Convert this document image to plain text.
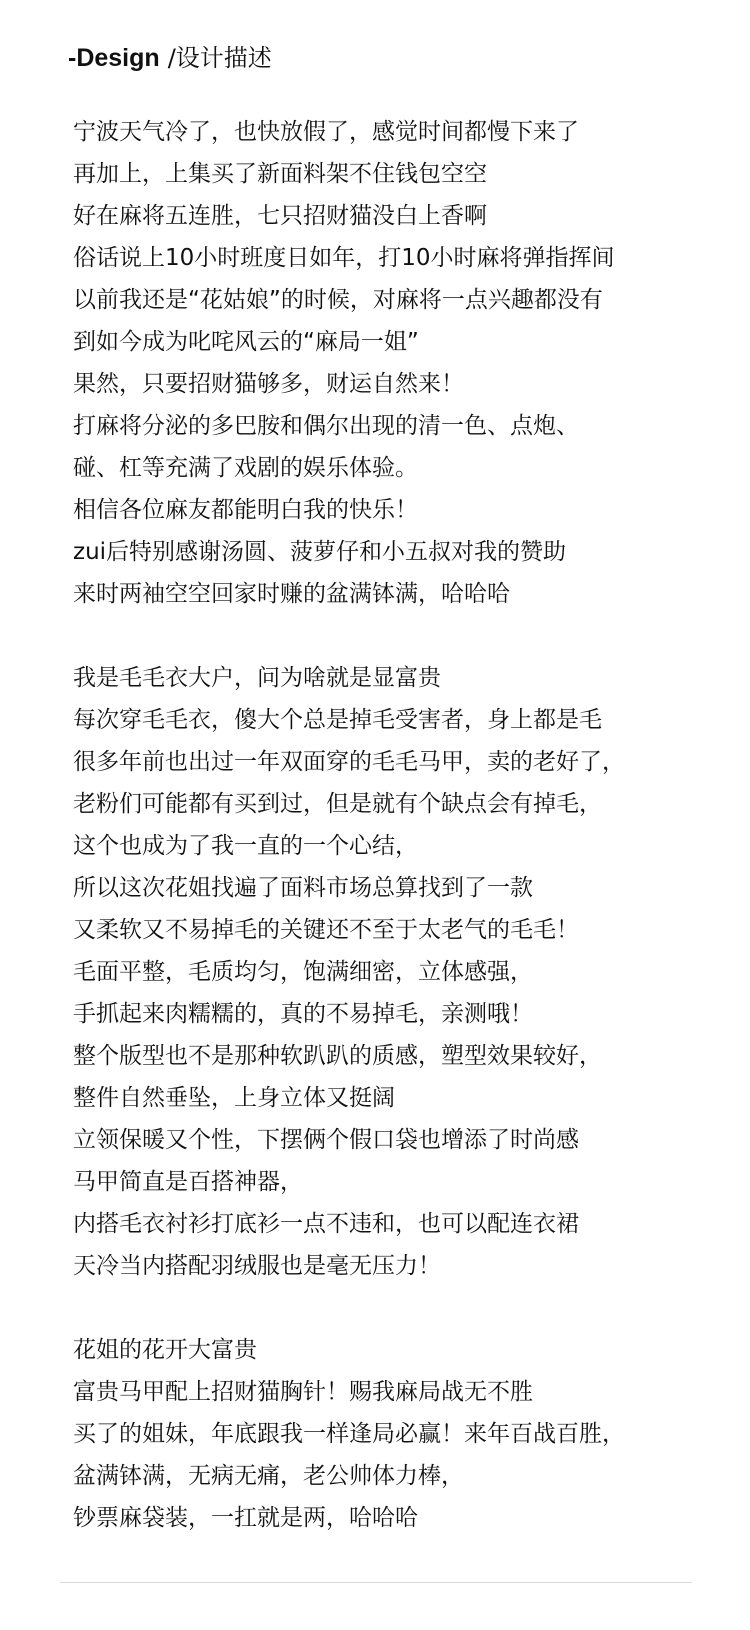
-Design /设计描述
宁波天气冷了，也快放假了，感觉时间都慢下来了
再加上，上集买了新面料架不住钱包空空
好在麻将五连胜，七只招财猫没白上香啊
俗话说上10小时班度日如年，打10小时麻将弹指挥间
以前我还是“花姑娘”的时候，对麻将一点兴趣都没有
到如今成为叱咤风云的“麻局一姐”
果然，只要招财猫够多，财运自然来！
打麻将分泌的多巴胺和偶尔出现的清一色、点炮、
碰、杠等充满了戏剧的娱乐体验。
相信各位麻友都能明白我的快乐！
zui后特别感谢汤圆、菠萝仔和小五叔对我的赞助
来时两袖空空回家时赚的盆满钵满，哈哈哈
我是毛毛衣大户，问为啥就是显富贵
每次穿毛毛衣，傻大个总是掉毛受害者，身上都是毛
很多年前也出过一年双面穿的毛毛马甲，卖的老好了，
老粉们可能都有买到过，但是就有个缺点会有掉毛，
这个也成为了我一直的一个心结，
所以这次花姐找遍了面料市场总算找到了一款
又柔软又不易掉毛的关键还不至于太老气的毛毛！
毛面平整，毛质均匀，饱满细密，立体感强，
手抓起来肉糯糯的，真的不易掉毛，亲测哦！
整个版型也不是那种软趴趴的质感，塑型效果较好，
整件自然垂坠，上身立体又挺阔
立领保暖又个性，下摆俩个假口袋也增添了时尚感
马甲简直是百搭神器，
内搭毛衣衬衫打底衫一点不违和，也可以配连衣裙
天冷当内搭配羽绒服也是毫无压力！
花姐的花开大富贵
富贵马甲配上招财猫胸针！赐我麻局战无不胜
买了的姐妹，年底跟我一样逢局必赢！来年百战百胜，
盆满钵满，无病无痛，老公帅体力棒，
钞票麻袋装，一扛就是两，哈哈哈
